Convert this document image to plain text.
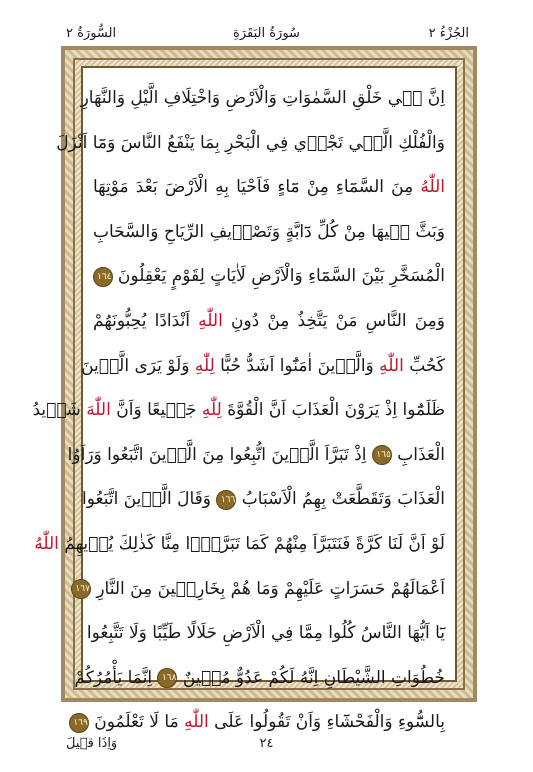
الجُزْءُ ٢
سُورَةُ البَقَرَةِ
السُّورَةُ ٢
اِنَّ فٖي خَلْقِ السَّمٰوَاتِ وَالْاَرْضِ وَاخْتِلَافِ الَّيْلِ وَالنَّهَارِ
وَالْفُلْكِ الَّتٖي تَجْرٖي فِي الْبَحْرِ بِمَا يَنْفَعُ النَّاسَ وَمَٓا اَنْزَلَ
اللّٰهُ مِنَ السَّمَٓاءِ مِنْ مَٓاءٍ فَاَحْيَا بِهِ الْاَرْضَ بَعْدَ مَوْتِهَا
وَبَثَّ فٖيهَا مِنْ كُلِّ دَٓابَّةٍ وَتَصْرٖيفِ الرِّيَاحِ وَالسَّحَابِ
الْمُسَخَّرِ بَيْنَ السَّمَٓاءِ وَالْاَرْضِ لَاٰيَاتٍ لِقَوْمٍ يَعْقِلُونَ ١٦٤
وَمِنَ النَّاسِ مَنْ يَتَّخِذُ مِنْ دُونِ اللّٰهِ اَنْدَادًا يُحِبُّونَهُمْ
كَحُبِّ اللّٰهِ وَالَّذٖينَ اٰمَنُٓوا اَشَدُّ حُبًّا لِلّٰهِ وَلَوْ يَرَى الَّذٖينَ
ظَلَمُٓوا اِذْ يَرَوْنَ الْعَذَابَ اَنَّ الْقُوَّةَ لِلّٰهِ جَمٖيعًا وَاَنَّ اللّٰهَ شَدٖيدُ
الْعَذَابِ ١٦٥ اِذْ تَبَرَّاَ الَّذٖينَ اتُّبِعُوا مِنَ الَّذٖينَ اتَّبَعُوا وَرَاَوُا
الْعَذَابَ وَتَقَطَّعَتْ بِهِمُ الْاَسْبَابُ ١٦٦ وَقَالَ الَّذٖينَ اتَّبَعُوا
لَوْ اَنَّ لَنَا كَرَّةً فَنَتَبَرَّاَ مِنْهُمْ كَمَا تَبَرَّؤُ۫ا مِنَّا كَذٰلِكَ يُرٖيهِمُ اللّٰهُ
اَعْمَالَهُمْ حَسَرَاتٍ عَلَيْهِمْ وَمَا هُمْ بِخَارِجٖينَ مِنَ النَّارِ ١٦٧
يَٓا اَيُّهَا النَّاسُ كُلُوا مِمَّا فِي الْاَرْضِ حَلَالًا طَيِّبًا وَلَا تَتَّبِعُوا
خُطُوَاتِ الشَّيْطَانِ اِنَّهُ لَكُمْ عَدُوٌّ مُبٖينٌ ١٦٨ اِنَّمَا يَأْمُرُكُمْ
بِالسُّٓوءِ وَالْفَحْشَٓاءِ وَاَنْ تَقُولُوا عَلَى اللّٰهِ مَا لَا تَعْلَمُونَ ١٦٩
٢٤
وَاِذَا قٖيلَ
